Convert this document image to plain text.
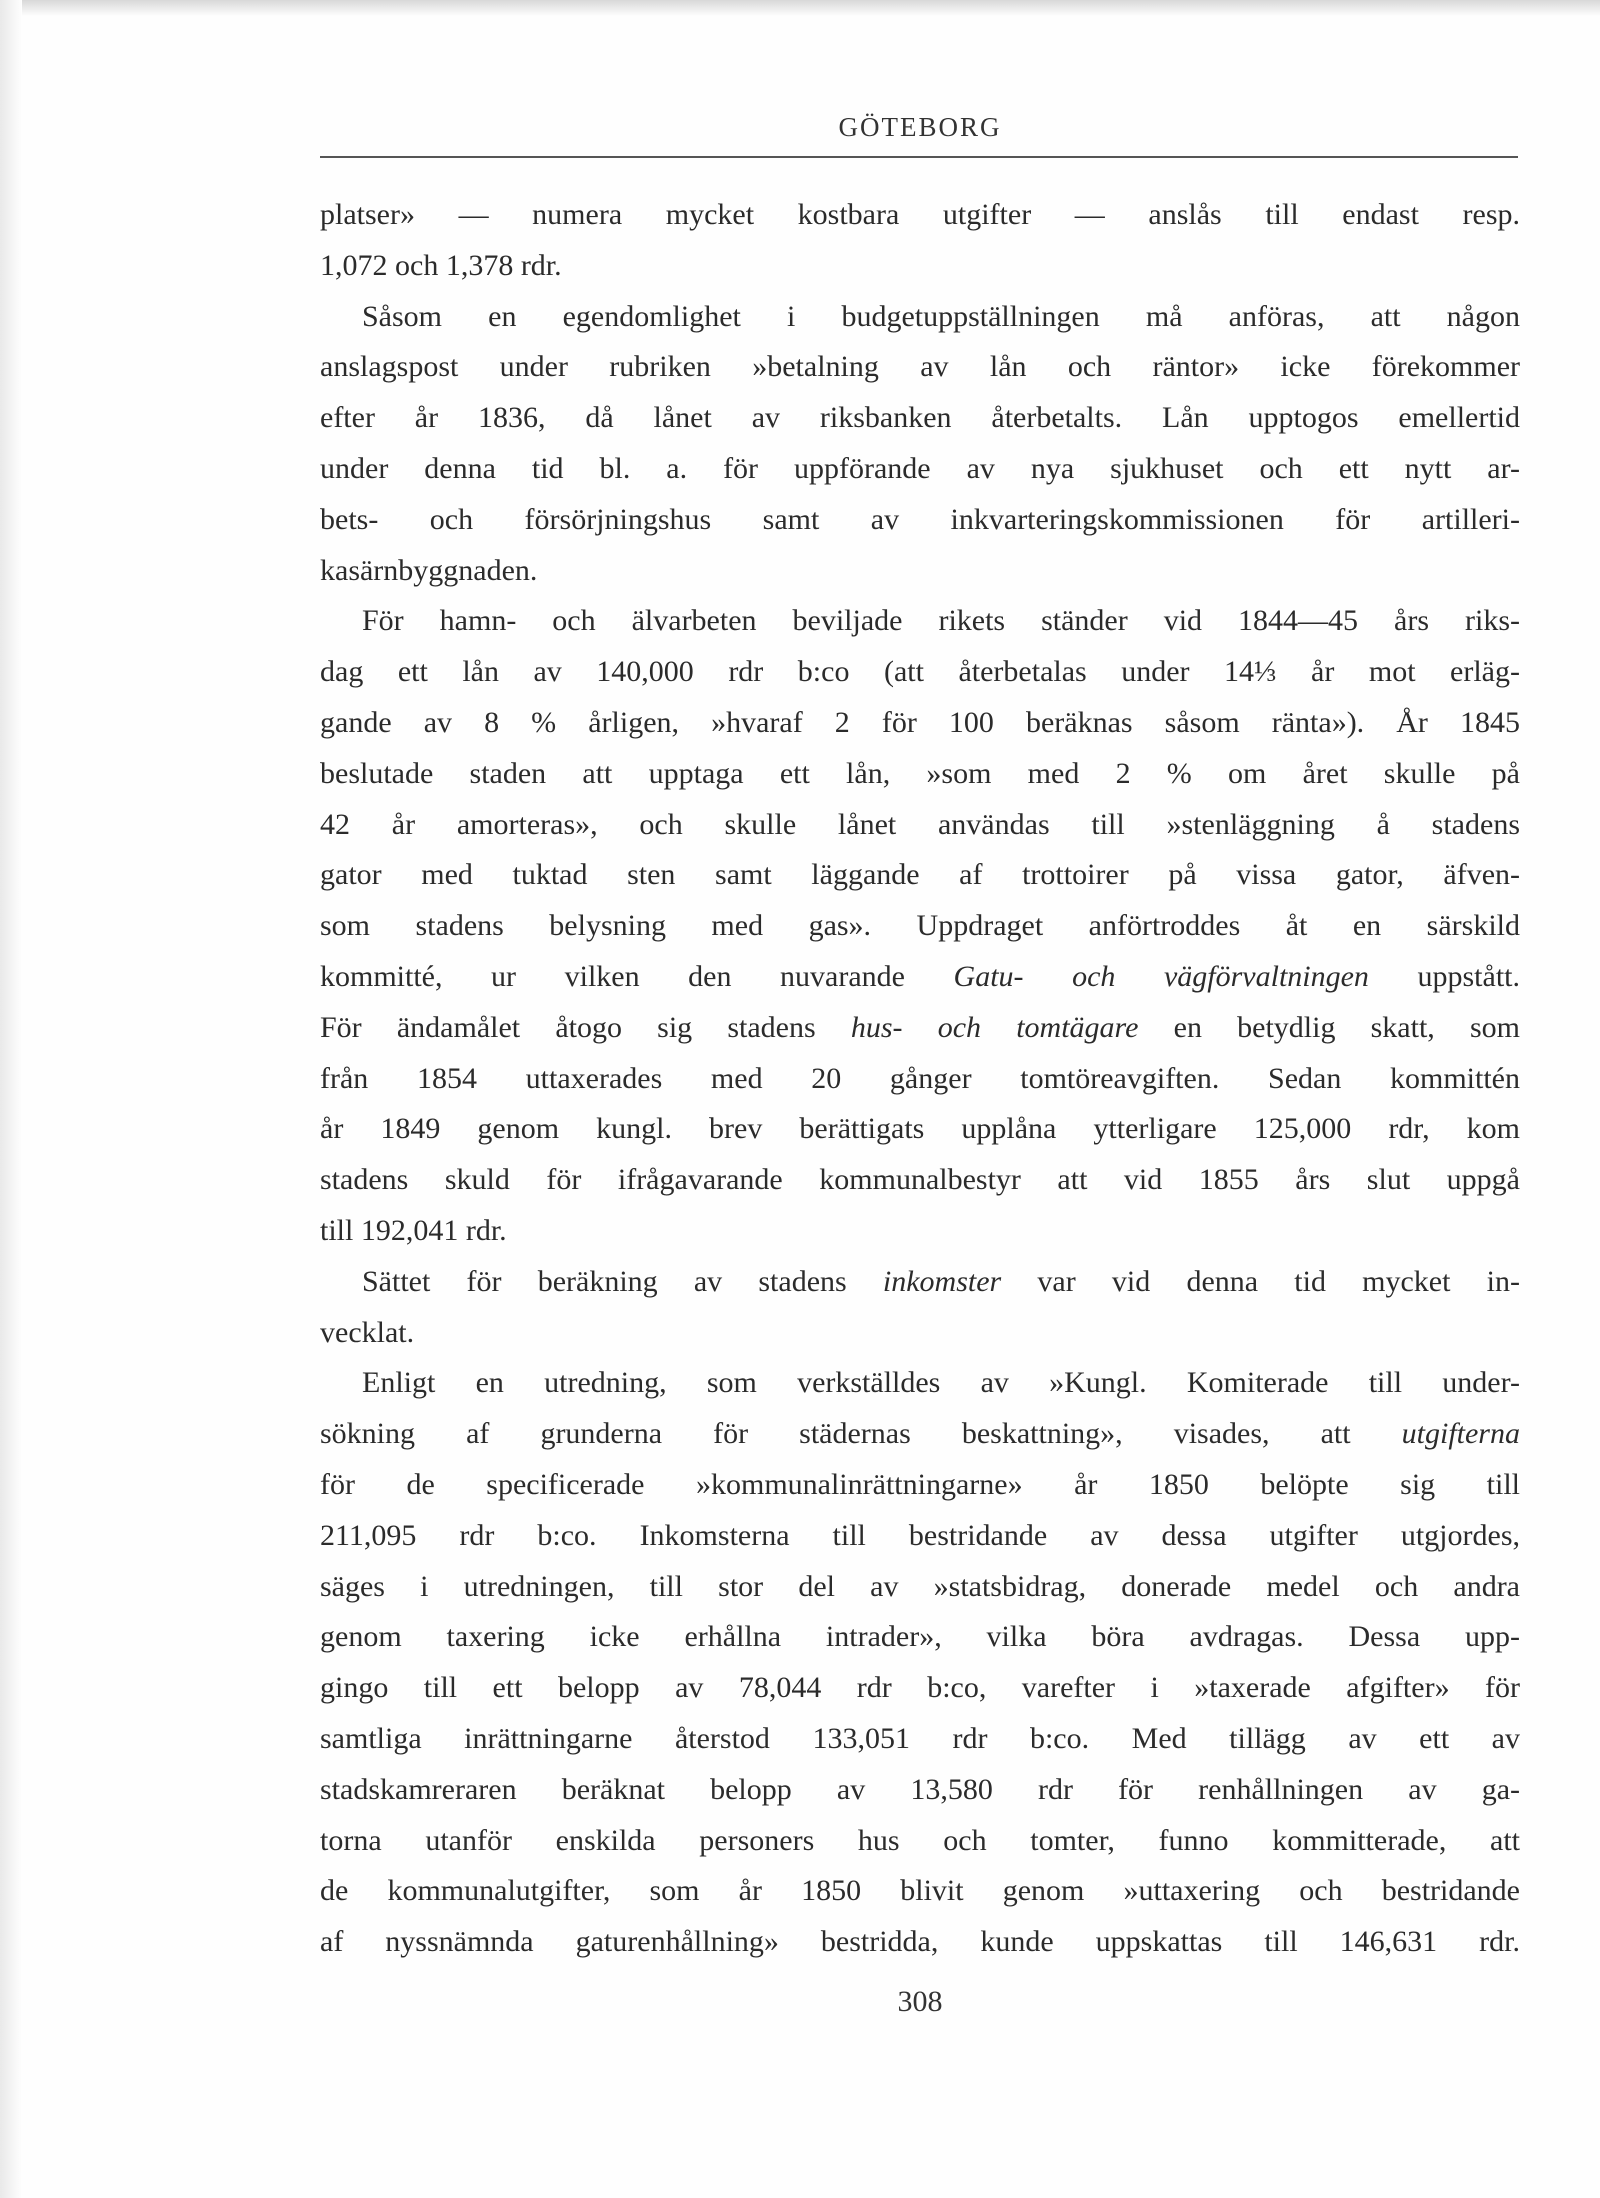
GÖTEBORG
platser» — numera mycket kostbara utgifter — anslås till endast resp.
1,072 och 1,378 rdr.
Såsom en egendomlighet i budgetuppställningen må anföras, att någon
anslagspost under rubriken »betalning av lån och räntor» icke förekommer
efter år 1836, då lånet av riksbanken återbetalts. Lån upptogos emellertid
under denna tid bl. a. för uppförande av nya sjukhuset och ett nytt ar-
bets- och försörjningshus samt av inkvarteringskommissionen för artilleri-
kasärnbyggnaden.
För hamn- och älvarbeten beviljade rikets ständer vid 1844—45 års riks-
dag ett lån av 140,000 rdr b:co (att återbetalas under 14⅓ år mot erläg-
gande av 8 % årligen, »hvaraf 2 för 100 beräknas såsom ränta»). År 1845
beslutade staden att upptaga ett lån, »som med 2 % om året skulle på
42 år amorteras», och skulle lånet användas till »stenläggning å stadens
gator med tuktad sten samt läggande af trottoirer på vissa gator, äfven-
som stadens belysning med gas». Uppdraget anförtroddes åt en särskild
kommitté, ur vilken den nuvarande Gatu- och vägförvaltningen uppstått.
För ändamålet åtogo sig stadens hus- och tomtägare en betydlig skatt, som
från 1854 uttaxerades med 20 gånger tomtöreavgiften. Sedan kommittén
år 1849 genom kungl. brev berättigats upplåna ytterligare 125,000 rdr, kom
stadens skuld för ifrågavarande kommunalbestyr att vid 1855 års slut uppgå
till 192,041 rdr.
Sättet för beräkning av stadens inkomster var vid denna tid mycket in-
vecklat.
Enligt en utredning, som verkställdes av »Kungl. Komiterade till under-
sökning af grunderna för städernas beskattning», visades, att utgifterna
för de specificerade »kommunalinrättningarne» år 1850 belöpte sig till
211,095 rdr b:co. Inkomsterna till bestridande av dessa utgifter utgjordes,
säges i utredningen, till stor del av »statsbidrag, donerade medel och andra
genom taxering icke erhållna intrader», vilka böra avdragas. Dessa upp-
gingo till ett belopp av 78,044 rdr b:co, varefter i »taxerade afgifter» för
samtliga inrättningarne återstod 133,051 rdr b:co. Med tillägg av ett av
stadskamreraren beräknat belopp av 13,580 rdr för renhållningen av ga-
torna utanför enskilda personers hus och tomter, funno kommitterade, att
de kommunalutgifter, som år 1850 blivit genom »uttaxering och bestridande
af nyssnämnda gaturenhållning» bestridda, kunde uppskattas till 146,631 rdr.
308
